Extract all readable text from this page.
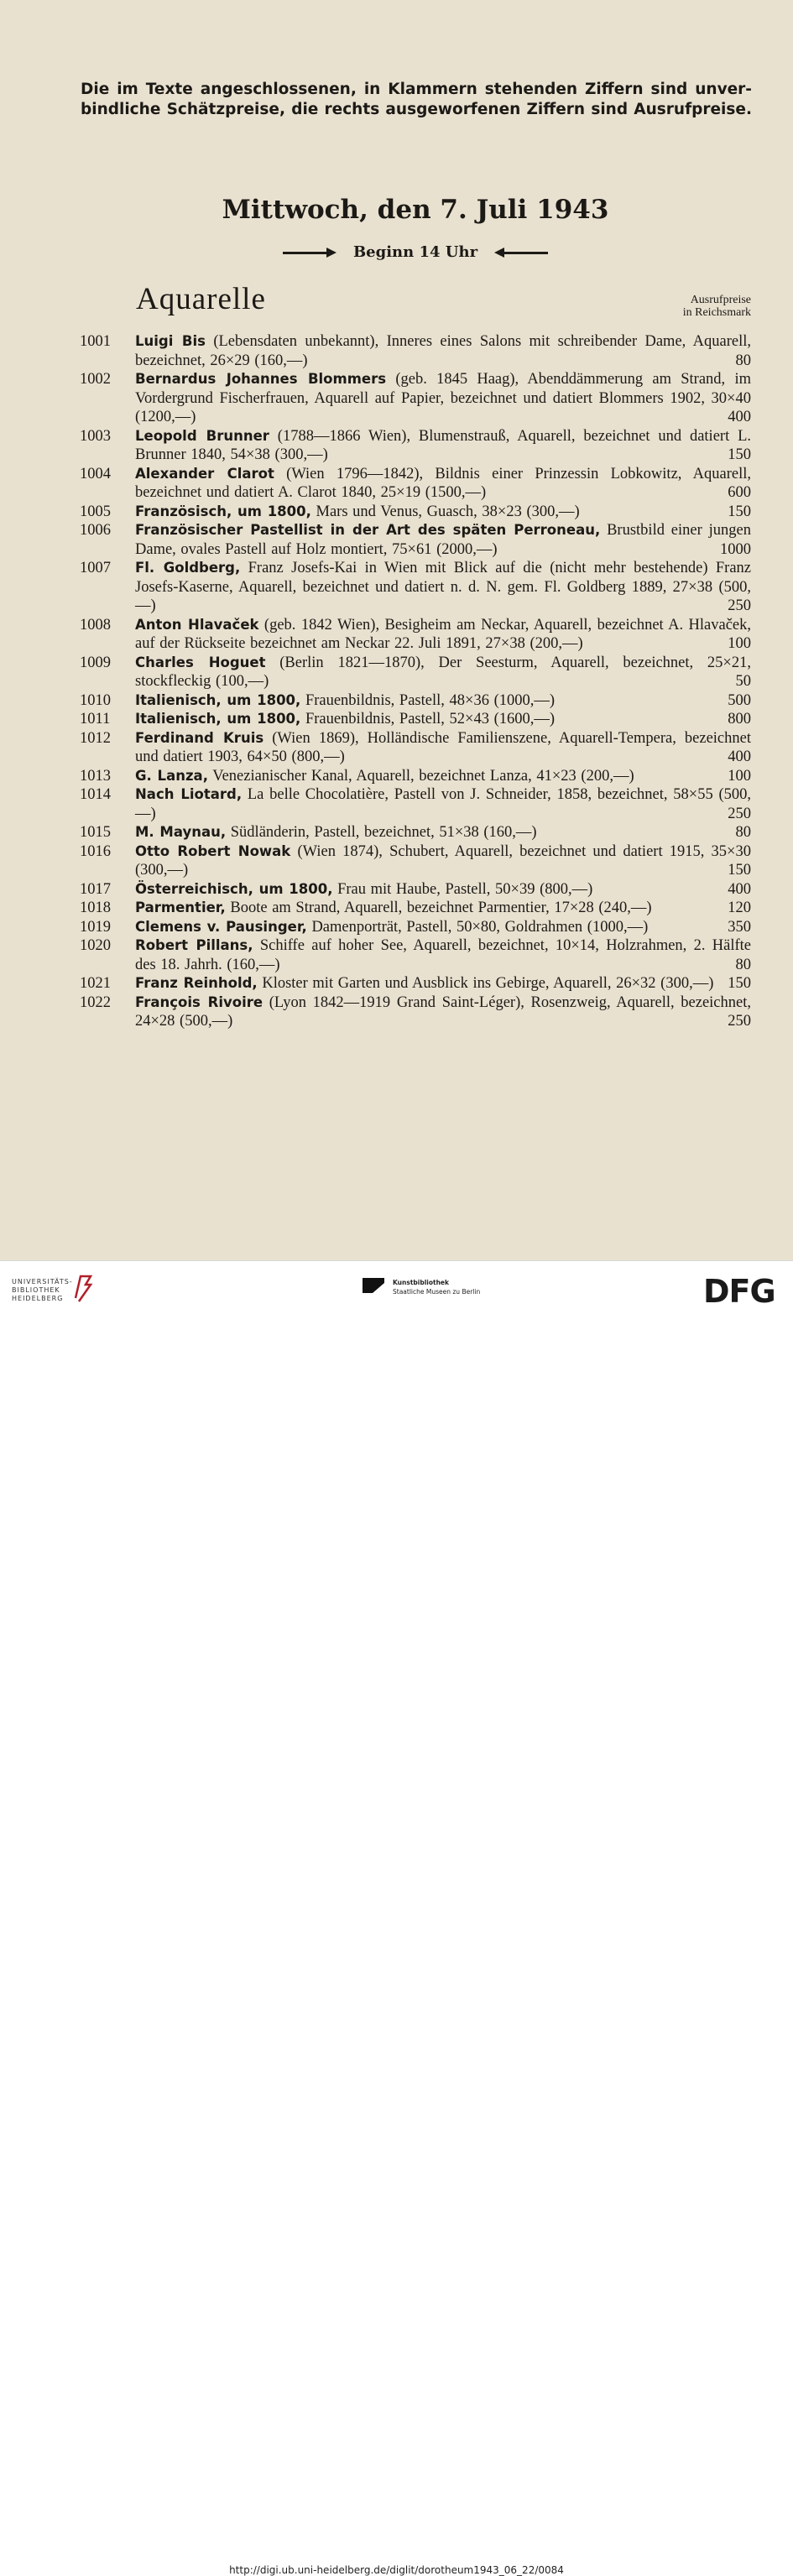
Die im Texte angeschlossenen, in Klammern stehenden Ziffern sind unver-
bindliche Schätzpreise, die rechts ausgeworfenen Ziffern sind Ausrufpreise.
Mittwoch, den 7. Juli 1943
Beginn 14 Uhr
Aquarelle	Ausrufpreise
in Reichsmark
1001	Luigi Bis (Lebensdaten unbekannt), Inneres eines Salons mit schreibender Dame, Aquarell, bezeichnet, 26×29 (160,—)	80
1002	Bernardus Johannes Blommers (geb. 1845 Haag), Abenddämmerung am Strand, im Vordergrund Fischerfrauen, Aquarell auf Papier, bezeichnet und datiert Blommers 1902, 30×40 (1200,—)	400
1003	Leopold Brunner (1788—1866 Wien), Blumenstrauß, Aquarell, bezeichnet und datiert L. Brunner 1840, 54×38 (300,—)	150
1004	Alexander Clarot (Wien 1796—1842), Bildnis einer Prinzessin Lobkowitz, Aquarell, bezeichnet und datiert A. Clarot 1840, 25×19 (1500,—)	600
1005	Französisch, um 1800, Mars und Venus, Guasch, 38×23 (300,—)	150
1006	Französischer Pastellist in der Art des späten Perroneau, Brustbild einer jungen Dame, ovales Pastell auf Holz montiert, 75×61 (2000,—)	1000
1007	Fl. Goldberg, Franz Josefs-Kai in Wien mit Blick auf die (nicht mehr bestehende) Franz Josefs-Kaserne, Aquarell, bezeichnet und datiert n. d. N. gem. Fl. Goldberg 1889, 27×38 (500,—)	250
1008	Anton Hlavaček (geb. 1842 Wien), Besigheim am Neckar, Aquarell, bezeichnet A. Hlavaček, auf der Rückseite bezeichnet am Neckar 22. Juli 1891, 27×38 (200,—)	100
1009	Charles Hoguet (Berlin 1821—1870), Der Seesturm, Aquarell, bezeichnet, 25×21, stockfleckig (100,—)	50
1010	Italienisch, um 1800, Frauenbildnis, Pastell, 48×36 (1000,—)	500
1011	Italienisch, um 1800, Frauenbildnis, Pastell, 52×43 (1600,—)	800
1012	Ferdinand Kruis (Wien 1869), Holländische Familienszene, Aquarell-Tempera, bezeichnet und datiert 1903, 64×50 (800,—)	400
1013	G. Lanza, Venezianischer Kanal, Aquarell, bezeichnet Lanza, 41×23 (200,—)	100
1014	Nach Liotard, La belle Chocolatière, Pastell von J. Schneider, 1858, bezeichnet, 58×55 (500,—)	250
1015	M. Maynau, Südländerin, Pastell, bezeichnet, 51×38 (160,—)	80
1016	Otto Robert Nowak (Wien 1874), Schubert, Aquarell, bezeichnet und datiert 1915, 35×30 (300,—)	150
1017	Österreichisch, um 1800, Frau mit Haube, Pastell, 50×39 (800,—)	400
1018	Parmentier, Boote am Strand, Aquarell, bezeichnet Parmentier, 17×28 (240,—)	120
1019	Clemens v. Pausinger, Damenporträt, Pastell, 50×80, Goldrahmen (1000,—)	350
1020	Robert Pillans, Schiffe auf hoher See, Aquarell, bezeichnet, 10×14, Holzrahmen, 2. Hälfte des 18. Jahrh. (160,—)	80
1021	Franz Reinhold, Kloster mit Garten und Ausblick ins Gebirge, Aquarell, 26×32 (300,—) 150
1022	François Rivoire (Lyon 1842—1919 Grand Saint-Léger), Rosenzweig, Aquarell, bezeichnet, 24×28 (500,—)	250
UNIVERSITÄTS-
BIBLIOTHEK
HEIDELBERG
Kunstbibliothek
Staatliche Museen zu Berlin	DFG
http://digi.ub.uni-heidelberg.de/diglit/dorotheum1943_06_22/0084
